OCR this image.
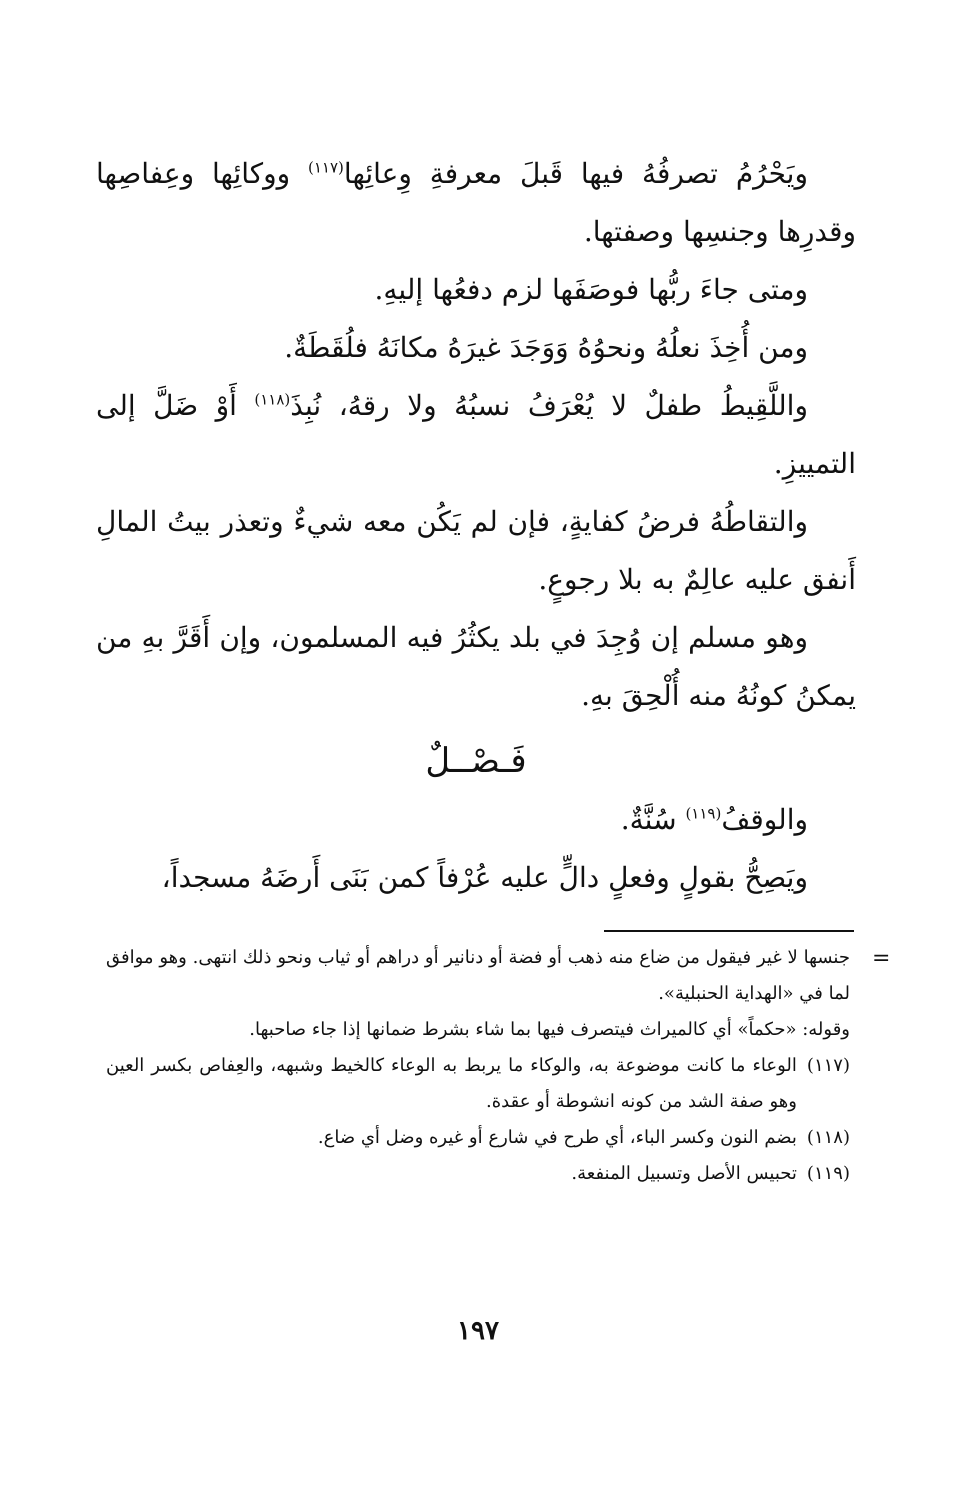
ويَحْرُمُ تصرفُهُ فيها قَبلَ معرفةِ وِعائِها$^{(١١٧)}$ ووكائِها وعِفاصِها وقدرِها وجنسِها وصفتها.

ومتى جاءَ ربُّها فوصَفَها لزم دفعُها إليهِ.

ومن أُخِذَ نعلُهُ ونحوُهُ وَوَجَدَ غيرَهُ مكانَهُ فلُقَطَةٌ.

واللَّقِيطُ طفلٌ لا يُعْرَفُ نسبُهُ ولا رقهُ، نُبِذَ$^{(١١٨)}$ أَوْ ضَلَّ إلى التمييزِ.

والتقاطُهُ فرضُ كفايةٍ، فإن لم يَكُن معه شيءٌ وتعذر بيتُ المالِ أَنفق عليه عالِمٌ به بلا رجوعٍ.

وهو مسلم إن وُجِدَ في بلد يكثُرُ فيه المسلمون، وإن أَقَرَّ بهِ من يمكنُ كونُهُ منه أُلْحِقَ بهِ.

فَـصْــلٌ

والوقفُ$^{(١١٩)}$ سُنَّةٌ.

ويَصِحُّ بقولٍ وفعلٍ دالٍّ عليه عُرْفاً كمن بَنَى أَرضَهُ مسجداً،

=

جنسها لا غير فيقول من ضاع منه ذهب أو فضة أو دنانير أو دراهم أو ثياب ونحو ذلك انتهى. وهو موافق لما في «الهداية الحنبلية».

وقوله: «حكماً» أي كالميراث فيتصرف فيها بما شاء بشرط ضمانها إذا جاء صاحبها.

(١١٧)
الوعاء ما كانت موضوعة به، والوكاء ما يربط به الوعاء كالخيط وشبهه، والعِفاص بكسر العين وهو صفة الشد من كونه انشوطة أو عقدة.
(١١٨)
بضم النون وكسر الباء، أي طرح في شارع أو غيره وضل أي ضاع.
(١١٩)
تحبيس الأصل وتسبيل المنفعة.
١٩٧
